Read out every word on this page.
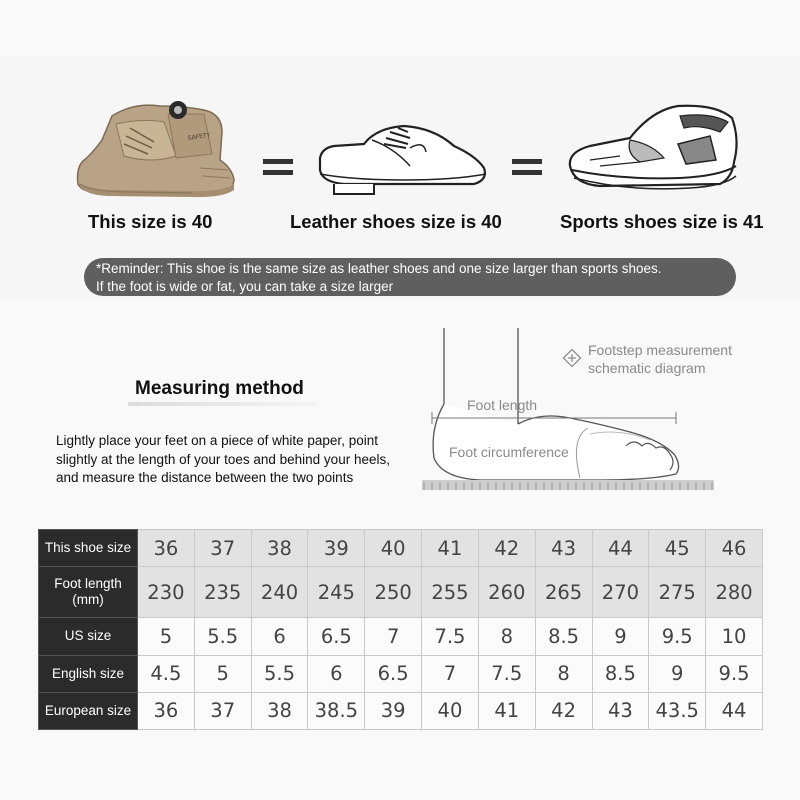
SAFETY
This size is 40	Leather shoes size is 40	Sports shoes size is 41
*Reminder: This shoe is the same size as leather shoes and one size larger than sports shoes.
If the foot is wide or fat, you can take a size larger
Measuring method
Lightly place your feet on a piece of white paper, point slightly at the length of your toes and behind your heels, and measure the distance between the two points
Footstep measurement
schematic diagram
Foot length
Foot circumference
This shoe size	36	37	38	39	40	41	42	43	44	45	46

Foot length
(mm)	230	235	240	245	250	255	260	265	270	275	280
US size	5	5.5	6	6.5	7	7.5	8	8.5	9	9.5	10
English size	4.5	5	5.5	6	6.5	7	7.5	8	8.5	9	9.5
European size	36	37	38	38.5	39	40	41	42	43	43.5	44
